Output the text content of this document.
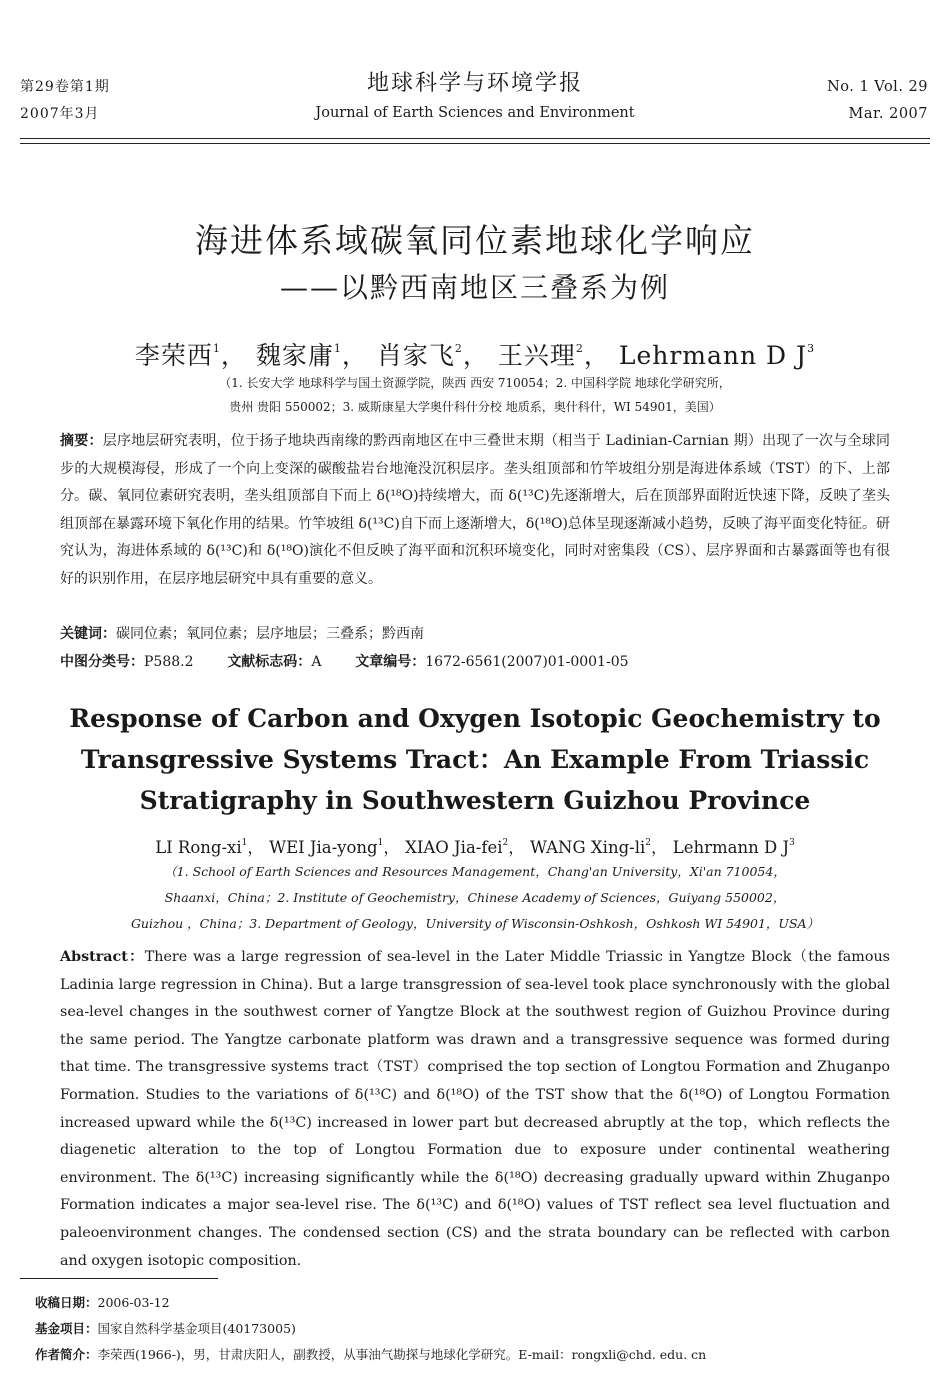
第29卷第1期
2007年3月
地球科学与环境学报
Journal of Earth Sciences and Environment
No. 1 Vol. 29
Mar. 2007
海进体系域碳氧同位素地球化学响应
——以黔西南地区三叠系为例
李荣西$^1$， 魏家庸$^1$， 肖家飞$^2$， 王兴理$^2$， Lehrmann D $J^3$
（1. 长安大学 地球科学与国土资源学院，陕西 西安 710054；2. 中国科学院 地球化学研究所，
贵州 贵阳 550002；3. 威斯康星大学奥什科什分校 地质系，奥什科什，WI 54901，美国）
摘要：层序地层研究表明，位于扬子地块西南缘的黔西南地区在中三叠世末期（相当于 Ladinian-Carnian 期）出现了一次与全球同步的大规模海侵，形成了一个向上变深的碳酸盐岩台地淹没沉积层序。垄头组顶部和竹竿坡组分别是海进体系域（TST）的下、上部分。碳、氧同位素研究表明，垄头组顶部自下而上 δ(¹⁸O)持续增大，而 δ(¹³C)先逐渐增大，后在顶部界面附近快速下降，反映了垄头组顶部在暴露环境下氧化作用的结果。竹竿坡组 δ(¹³C)自下而上逐渐增大，δ(¹⁸O)总体呈现逐渐减小趋势，反映了海平面变化特征。研究认为，海进体系域的 δ(¹³C)和 δ(¹⁸O)演化不但反映了海平面和沉积环境变化，同时对密集段（CS）、层序界面和古暴露面等也有很好的识别作用，在层序地层研究中具有重要的意义。
关键词：碳同位素；氧同位素；层序地层；三叠系；黔西南
中图分类号：P588.2 文献标志码：A 文章编号：1672-6561(2007)01-0001-05
Response of Carbon and Oxygen Isotopic Geochemistry to
Transgressive Systems Tract：An Example From Triassic
Stratigraphy in Southwestern Guizhou Province
LI Rong-$xi^1$， WEI Jia-yong$^1$， XIAO Jia-fei$^2$， WANG Xing-$li^2$， Lehrmann D $J^3$
（1. School of Earth Sciences and Resources Management，Chang'an University，Xi'an 710054，
Shaanxi，China；2. Institute of Geochemistry，Chinese Academy of Sciences，Guiyang 550002，
Guizhou ，China；3. Department of Geology，University of Wisconsin-Oshkosh，Oshkosh WI 54901，USA）
Abstract：There was a large regression of sea-level in the Later Middle Triassic in Yangtze Block（the famous Ladinia large regression in China). But a large transgression of sea-level took place synchronously with the global sea-level changes in the southwest corner of Yangtze Block at the southwest region of Guizhou Province during the same period. The Yangtze carbonate platform was drawn and a transgressive sequence was formed during that time. The transgressive systems tract（TST）comprised the top section of Longtou Formation and Zhuganpo Formation. Studies to the variations of δ(¹³C) and δ(¹⁸O) of the TST show that the δ(¹⁸O) of Longtou Formation increased upward while the δ(¹³C) increased in lower part but decreased abruptly at the top，which reflects the diagenetic alteration to the top of Longtou Formation due to exposure under continental weathering environment. The δ(¹³C) increasing significantly while the δ(¹⁸O) decreasing gradually upward within Zhuganpo Formation indicates a major sea-level rise. The δ(¹³C) and δ(¹⁸O) values of TST reflect sea level fluctuation and paleoenvironment changes. The condensed section (CS) and the strata boundary can be reflected with carbon and oxygen isotopic composition.
收稿日期：2006-03-12
基金项目：国家自然科学基金项目(40173005)
作者简介：李荣西(1966-)，男，甘肃庆阳人，副教授，从事油气勘探与地球化学研究。E-mail：rongxli@chd. edu. cn
